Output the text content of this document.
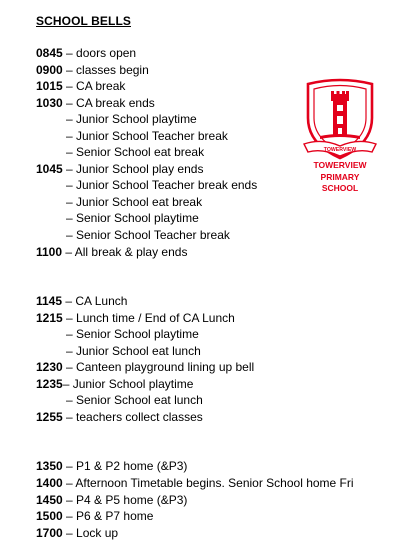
SCHOOL BELLS
0845 – doors open
0900 – classes begin
1015 – CA break
1030 – CA break ends
– Junior School playtime
– Junior School Teacher break
– Senior School eat break
1045 – Junior School play ends
– Junior School Teacher break ends
– Junior School eat break
– Senior School playtime
– Senior School Teacher break
1100 – All break & play ends
1145 – CA Lunch
1215 – Lunch time / End of CA Lunch
– Senior School playtime
– Junior School eat lunch
1230 – Canteen playground lining up bell
1235– Junior School playtime
– Senior School eat lunch
1255 – teachers collect classes
1350 – P1 & P2 home (&P3)
1400 – Afternoon Timetable begins. Senior School home Fri
1450 – P4 & P5 home (&P3)
1500 – P6 & P7 home
1700 – Lock up
TOWERVIEW
TOWERVIEW
PRIMARY
SCHOOL
